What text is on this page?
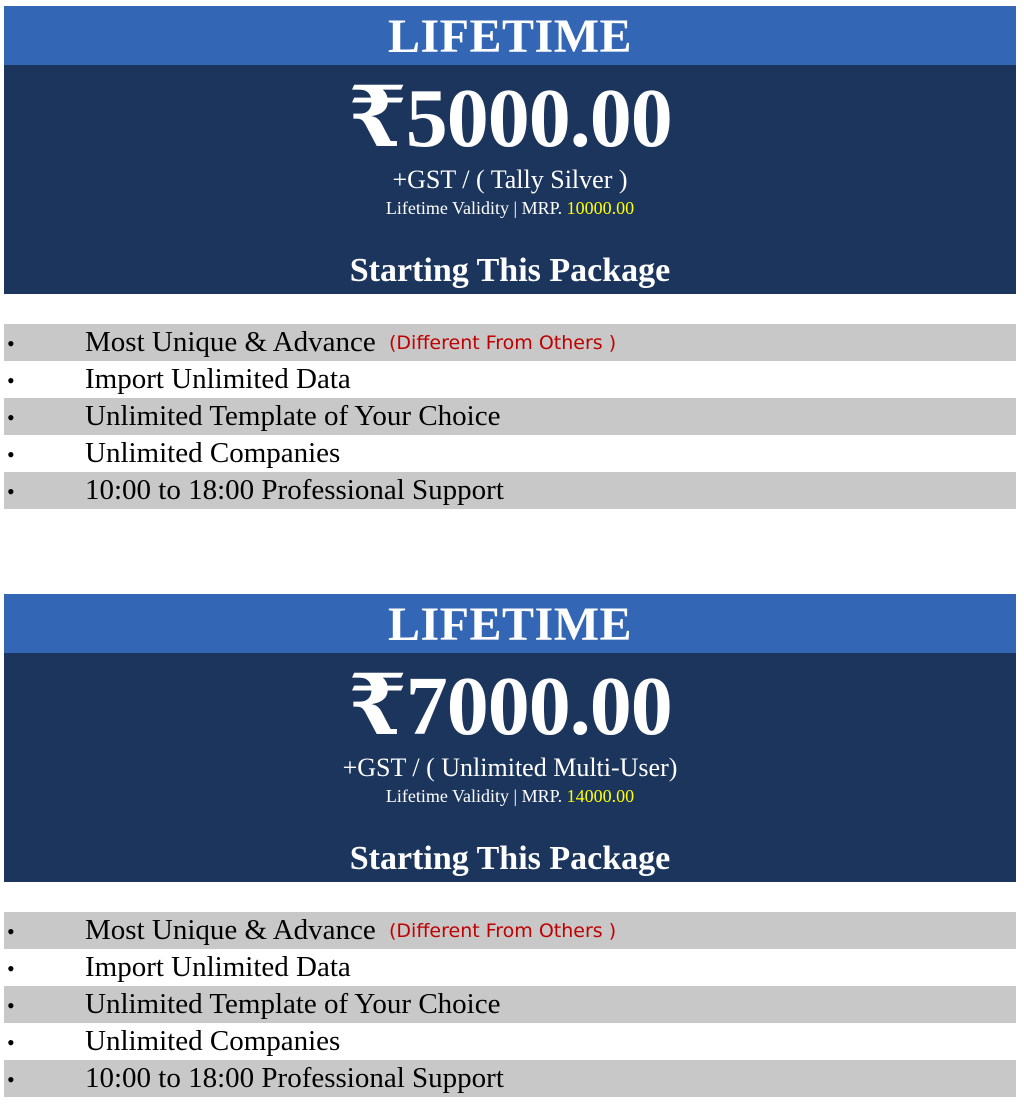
LIFETIME
₹5000.00
+GST / ( Tally Silver )
Lifetime Validity | MRP. 10000.00
Starting This Package
• Most Unique & Advance (Different From Others )
• Import Unlimited Data
• Unlimited Template of Your Choice
• Unlimited Companies
• 10:00 to 18:00 Professional Support
LIFETIME
₹7000.00
+GST / ( Unlimited Multi-User)
Lifetime Validity | MRP. 14000.00
Starting This Package
• Most Unique & Advance (Different From Others )
• Import Unlimited Data
• Unlimited Template of Your Choice
• Unlimited Companies
• 10:00 to 18:00 Professional Support
